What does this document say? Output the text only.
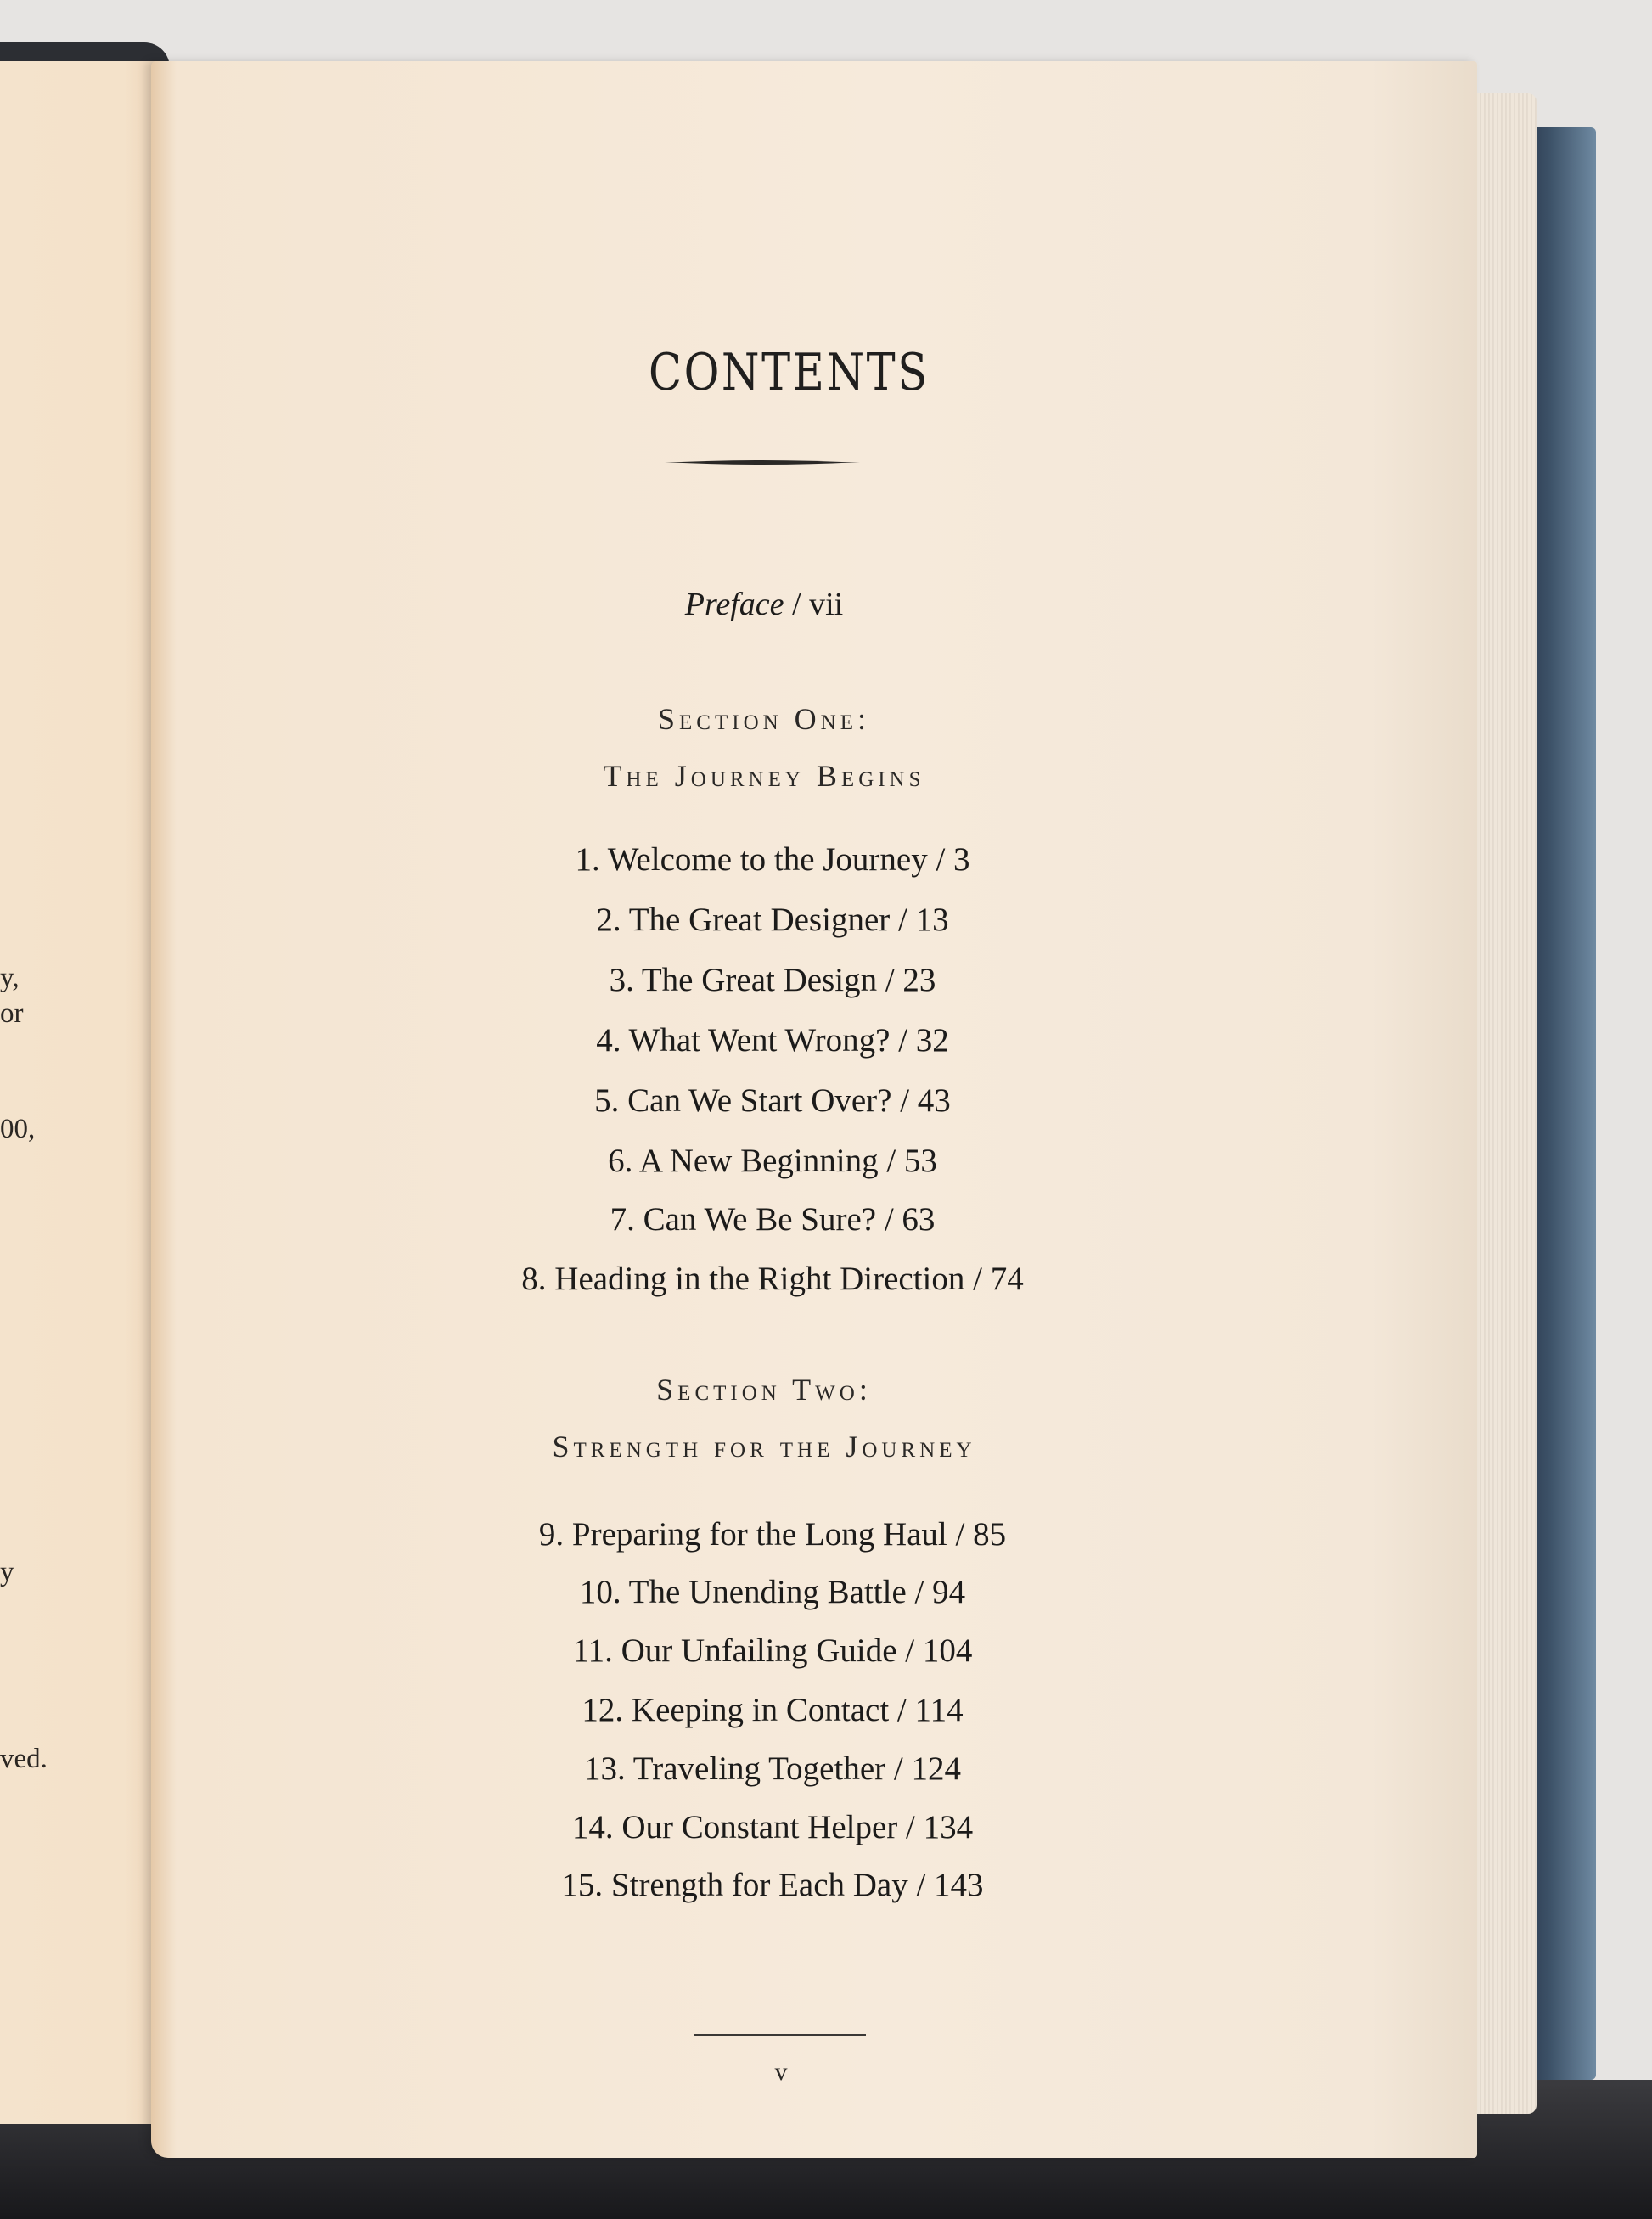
y,
or
00,
y
ved.
CONTENTS
Preface / vii
Section One:
The Journey Begins
1. Welcome to the Journey / 3
2. The Great Designer / 13
3. The Great Design / 23
4. What Went Wrong? / 32
5. Can We Start Over? / 43
6. A New Beginning / 53
7. Can We Be Sure? / 63
8. Heading in the Right Direction / 74
Section Two:
Strength for the Journey
9. Preparing for the Long Haul / 85
10. The Unending Battle / 94
11. Our Unfailing Guide / 104
12. Keeping in Contact / 114
13. Traveling Together / 124
14. Our Constant Helper / 134
15. Strength for Each Day / 143
v
